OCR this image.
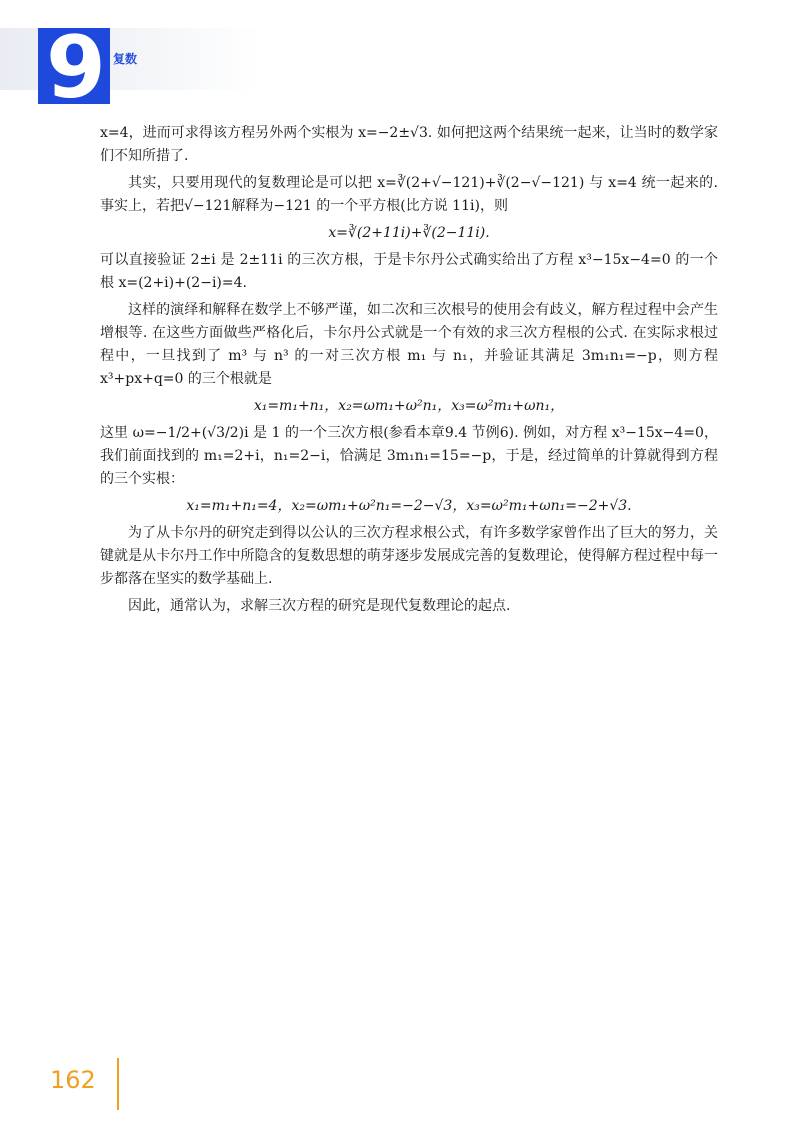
9 复数

x=4，进而可求得该方程另外两个实根为 x=−2±√3. 如何把这两个结果统一起来，让当时的数学家们不知所措了.

其实，只要用现代的复数理论是可以把 x=∛(2+√−121)+∛(2−√−121) 与 x=4 统一起来的. 事实上，若把√−121解释为−121 的一个平方根(比方说 11i)，则

x=∛(2+11i)+∛(2−11i).

可以直接验证 2±i 是 2±11i 的三次方根，于是卡尔丹公式确实给出了方程 x³−15x−4=0 的一个根 x=(2+i)+(2−i)=4.

这样的演绎和解释在数学上不够严谨，如二次和三次根号的使用会有歧义，解方程过程中会产生增根等. 在这些方面做些严格化后，卡尔丹公式就是一个有效的求三次方程根的公式. 在实际求根过程中，一旦找到了 m³ 与 n³ 的一对三次方根 m₁ 与 n₁，并验证其满足 3m₁n₁=−p，则方程 x³+px+q=0 的三个根就是

x₁=m₁+n₁，x₂=ωm₁+ω²n₁，x₃=ω²m₁+ωn₁，

这里 ω=−1/2+(√3/2)i 是 1 的一个三次方根(参看本章9.4 节例6). 例如，对方程 x³−15x−4=0，我们前面找到的 m₁=2+i，n₁=2−i，恰满足 3m₁n₁=15=−p，于是，经过简单的计算就得到方程的三个实根：

x₁=m₁+n₁=4，x₂=ωm₁+ω²n₁=−2−√3，x₃=ω²m₁+ωn₁=−2+√3.

为了从卡尔丹的研究走到得以公认的三次方程求根公式，有许多数学家曾作出了巨大的努力，关键就是从卡尔丹工作中所隐含的复数思想的萌芽逐步发展成完善的复数理论，使得解方程过程中每一步都落在坚实的数学基础上.

因此，通常认为，求解三次方程的研究是现代复数理论的起点.

162
